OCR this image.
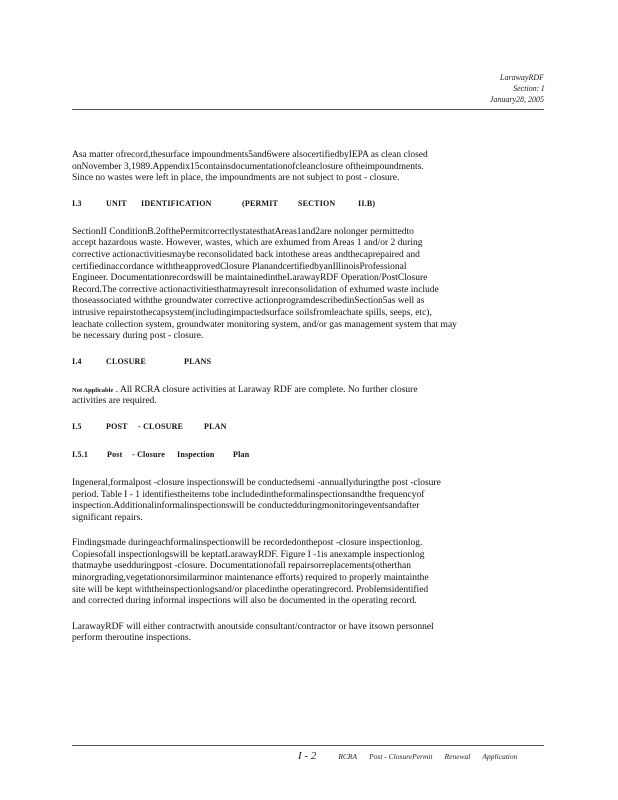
LarawayRDF
Section: I
January28, 2005
Asa matter ofrecord,thesurface impoundments5and6were alsocertifiedbyIEPA as clean closed
onNovember 3,1989.Appendix15containsdocumentationofcleanclosure oftheimpoundments.
Since no wastes were left in place, the impoundments are not subject to post - closure.
I.3	UNIT IDENTIFICATION	(PERMIT SECTION	II.B)
SectionII ConditionB.2ofthePermitcorrectlystatesthatAreas1and2are nolonger permittedto
accept hazardous waste. However, wastes, which are exhumed from Areas 1 and/or 2 during
corrective actionactivitiesmaybe reconsolidated back intothese areas andthecaprepaired and
certifiedinaccordance withtheapprovedClosure PlanandcertifiedbyanIllinoisProfessional
Engineer. Documentationrecordswill be maintainedintheLarawayRDF Operation/PostClosure
Record.The corrective actionactivitiesthatmayresult inreconsolidation of exhumed waste include
thoseassociated withthe groundwater corrective actionprogramdescribedinSection5as well as
intrusive repairstothecapsystem(includingimpactedsurface soilsfromleachate spills, seeps, etc),
leachate collection system, groundwater monitoring system, and/or gas management system that may
be necessary during post - closure.
I.4	CLOSURE	PLANS
Not Applicable . All RCRA closure activities at Laraway RDF are complete. No further closure
activities are required.
I.5	POST - CLOSURE	PLAN
I.5.1 Post - Closure Inspection Plan
Ingeneral,formalpost -closure inspectionswill be conductedsemi -annuallyduringthe post -closure
period. Table I - 1 identifiestheitems tobe includedintheformalinspectionsandthe frequencyof
inspection.Additionalinformalinspectionswill be conductedduringmonitoringeventsandafter
significant repairs.
Findingsmade duringeachformalinspectionwill be recordedonthepost -closure inspectionlog.
Copiesofall inspectionlogswill be keptatLarawayRDF. Figure I -1is anexample inspectionlog
thatmaybe usedduringpost -closure. Documentationofall repairsorreplacements(otherthan
minorgrading,vegetationorsimilarminor maintenance efforts) required to properly maintainthe
site will be kept withtheinspectionlogsand/or placedinthe operatingrecord. Problemsidentified
and corrected during informal inspections will also be documented in the operating record.
LarawayRDF will either contractwith anoutside consultant/contractor or have itsown personnel
perform theroutine inspections.
I - 2	RCRA Post - ClosurePermit Renewal Application
